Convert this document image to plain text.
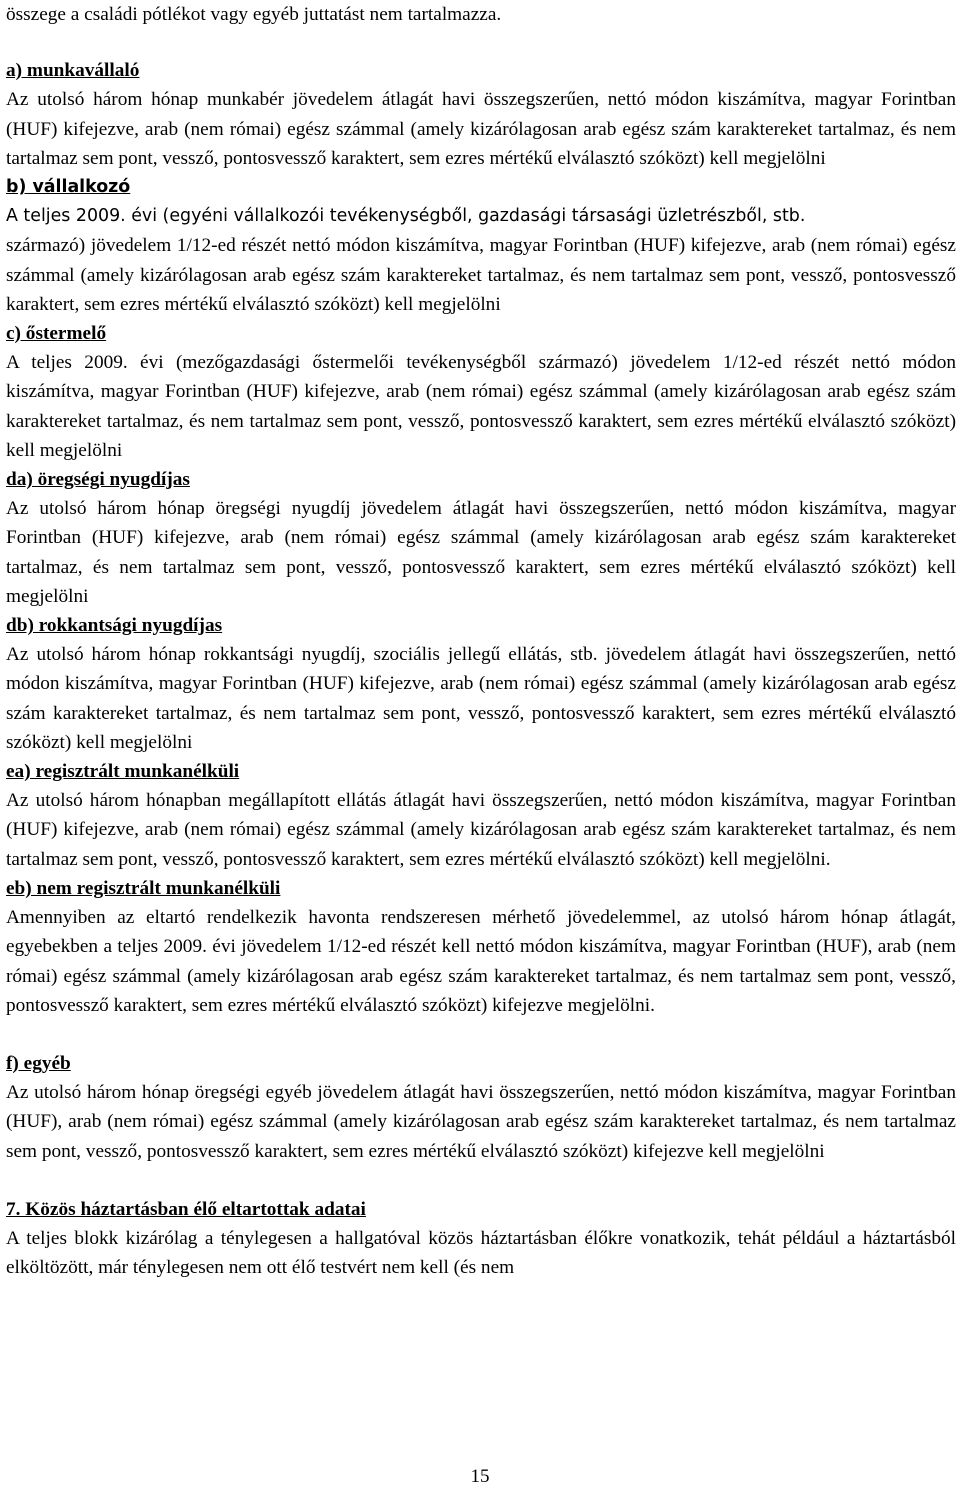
összege a családi pótlékot vagy egyéb juttatást nem tartalmazza.

a) munkavállaló

Az utolsó három hónap munkabér jövedelem átlagát havi összegszerűen, nettó módon kiszámítva, magyar Forintban (HUF) kifejezve, arab (nem római) egész számmal (amely kizárólagosan arab egész szám karaktereket tartalmaz, és nem tartalmaz sem pont, vessző, pontosvessző karaktert, sem ezres mértékű elválasztó szóközt) kell megjelölni

b) vállalkozó

A teljes 2009. évi (egyéni vállalkozói tevékenységből, gazdasági társasági üzletrészből, stb.

származó) jövedelem 1/12-ed részét nettó módon kiszámítva, magyar Forintban (HUF) kifejezve, arab (nem római) egész számmal (amely kizárólagosan arab egész szám karaktereket tartalmaz, és nem tartalmaz sem pont, vessző, pontosvessző karaktert, sem ezres mértékű elválasztó szóközt) kell megjelölni

c) őstermelő

A teljes 2009. évi (mezőgazdasági őstermelői tevékenységből származó) jövedelem 1/12-ed részét nettó módon kiszámítva, magyar Forintban (HUF) kifejezve, arab (nem római) egész számmal (amely kizárólagosan arab egész szám karaktereket tartalmaz, és nem tartalmaz sem pont, vessző, pontosvessző karaktert, sem ezres mértékű elválasztó szóközt) kell megjelölni

da) öregségi nyugdíjas

Az utolsó három hónap öregségi nyugdíj jövedelem átlagát havi összegszerűen, nettó módon kiszámítva, magyar Forintban (HUF) kifejezve, arab (nem római) egész számmal (amely kizárólagosan arab egész szám karaktereket tartalmaz, és nem tartalmaz sem pont, vessző, pontosvessző karaktert, sem ezres mértékű elválasztó szóközt) kell megjelölni

db) rokkantsági nyugdíjas

Az utolsó három hónap rokkantsági nyugdíj, szociális jellegű ellátás, stb. jövedelem átlagát havi összegszerűen, nettó módon kiszámítva, magyar Forintban (HUF) kifejezve, arab (nem római) egész számmal (amely kizárólagosan arab egész szám karaktereket tartalmaz, és nem tartalmaz sem pont, vessző, pontosvessző karaktert, sem ezres mértékű elválasztó szóközt) kell megjelölni

ea) regisztrált munkanélküli

Az utolsó három hónapban megállapított ellátás átlagát havi összegszerűen, nettó módon kiszámítva, magyar Forintban (HUF) kifejezve, arab (nem római) egész számmal (amely kizárólagosan arab egész szám karaktereket tartalmaz, és nem tartalmaz sem pont, vessző, pontosvessző karaktert, sem ezres mértékű elválasztó szóközt) kell megjelölni.

eb) nem regisztrált munkanélküli

Amennyiben az eltartó rendelkezik havonta rendszeresen mérhető jövedelemmel, az utolsó három hónap átlagát, egyebekben a teljes 2009. évi jövedelem 1/12-ed részét kell nettó módon kiszámítva, magyar Forintban (HUF), arab (nem római) egész számmal (amely kizárólagosan arab egész szám karaktereket tartalmaz, és nem tartalmaz sem pont, vessző, pontosvessző karaktert, sem ezres mértékű elválasztó szóközt) kifejezve megjelölni.

f) egyéb

Az utolsó három hónap öregségi egyéb jövedelem átlagát havi összegszerűen, nettó módon kiszámítva, magyar Forintban (HUF), arab (nem római) egész számmal (amely kizárólagosan arab egész szám karaktereket tartalmaz, és nem tartalmaz sem pont, vessző, pontosvessző karaktert, sem ezres mértékű elválasztó szóközt) kifejezve kell megjelölni

7. Közös háztartásban élő eltartottak adatai

A teljes blokk kizárólag a ténylegesen a hallgatóval közös háztartásban élőkre vonatkozik, tehát például a háztartásból elköltözött, már ténylegesen nem ott élő testvért nem kell (és nem

15
